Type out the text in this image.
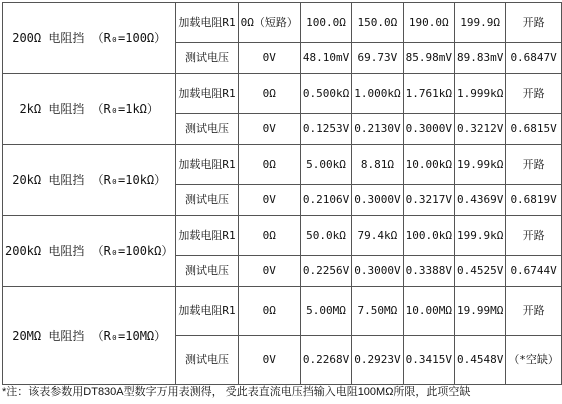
200Ω 电阻挡 （R₀=100Ω）	加载电阻R1	0Ω（短路）	100.0Ω	150.0Ω	190.0Ω	199.9Ω	开路
	测试电压	0V	48.10mV	69.73V	85.98mV	89.83mV	0.6847V
2kΩ 电阻挡 （R₀=1kΩ）	加载电阻R1	0Ω	0.500kΩ	1.000kΩ	1.761kΩ	1.999kΩ	开路
	测试电压	0V	0.1253V	0.2130V	0.3000V	0.3212V	0.6815V
20kΩ 电阻挡 （R₀=10kΩ）	加载电阻R1	0Ω	5.00kΩ	8.81Ω	10.00kΩ	19.99kΩ	开路
	测试电压	0V	0.2106V	0.3000V	0.3217V	0.4369V	0.6819V
200kΩ 电阻挡 （R₀=100kΩ）	加载电阻R1	0Ω	50.0kΩ	79.4kΩ	100.0kΩ	199.9kΩ	开路
	测试电压	0V	0.2256V	0.3000V	0.3388V	0.4525V	0.6744V
20MΩ 电阻挡 （R₀=10MΩ）	加载电阻R1	0Ω	5.00MΩ	7.50MΩ	10.00MΩ	19.99MΩ	开路
	测试电压	0V	0.2268V	0.2923V	0.3415V	0.4548V	（*空缺）
*注：该表参数用DT830A型数字万用表测得， 受此表直流电压挡输入电阻100MΩ所限，此项空缺
